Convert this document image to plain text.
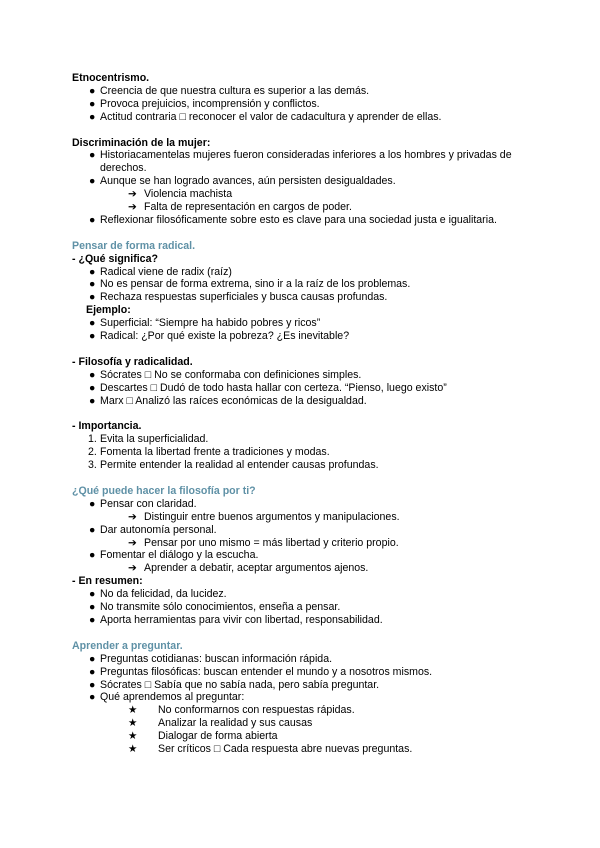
Etnocentrismo.

● Creencia de que nuestra cultura es superior a las demás.
● Provoca prejuicios, incomprensión y conflictos.
● Actitud contraria □ reconocer el valor de cadacultura y aprender de ellas.

Discriminación de la mujer:

● Historiacamentelas mujeres fueron consideradas inferiores a los hombres y privadas de derechos.
● Aunque se han logrado avances, aún persisten desigualdades.
➔ Violencia machista
➔ Falta de representación en cargos de poder.
● Reflexionar filosóficamente sobre esto es clave para una sociedad justa e igualitaria.

Pensar de forma radical.

- ¿Qué significa?

● Radical viene de radix (raíz)
● No es pensar de forma extrema, sino ir a la raíz de los problemas.
● Rechaza respuestas superficiales y busca causas profundas.

Ejemplo:

● Superficial: “Siempre ha habido pobres y ricos”
● Radical: ¿Por qué existe la pobreza? ¿Es inevitable?

- Filosofía y radicalidad.

● Sócrates □ No se conformaba con definiciones simples.
● Descartes □ Dudó de todo hasta hallar con certeza. “Pienso, luego existo”
● Marx □ Analizó las raíces económicas de la desigualdad.

- Importancia.

1. Evita la superficialidad.
2. Fomenta la libertad frente a tradiciones y modas.
3. Permite entender la realidad al entender causas profundas.

¿Qué puede hacer la filosofía por ti?

● Pensar con claridad.
➔ Distinguir entre buenos argumentos y manipulaciones.
● Dar autonomía personal.
➔ Pensar por uno mismo = más libertad y criterio propio.
● Fomentar el diálogo y la escucha.
➔ Aprender a debatir, aceptar argumentos ajenos.

- En resumen:

● No da felicidad, da lucidez.
● No transmite sólo conocimientos, enseña a pensar.
● Aporta herramientas para vivir con libertad, responsabilidad.

Aprender a preguntar.

● Preguntas cotidianas: buscan información rápida.
● Preguntas filosóficas: buscan entender el mundo y a nosotros mismos.
● Sócrates □ Sabía que no sabía nada, pero sabía preguntar.
● Qué aprendemos al preguntar:
★ No conformarnos con respuestas rápidas.
★ Analizar la realidad y sus causas
★ Dialogar de forma abierta
★ Ser críticos □ Cada respuesta abre nuevas preguntas.
